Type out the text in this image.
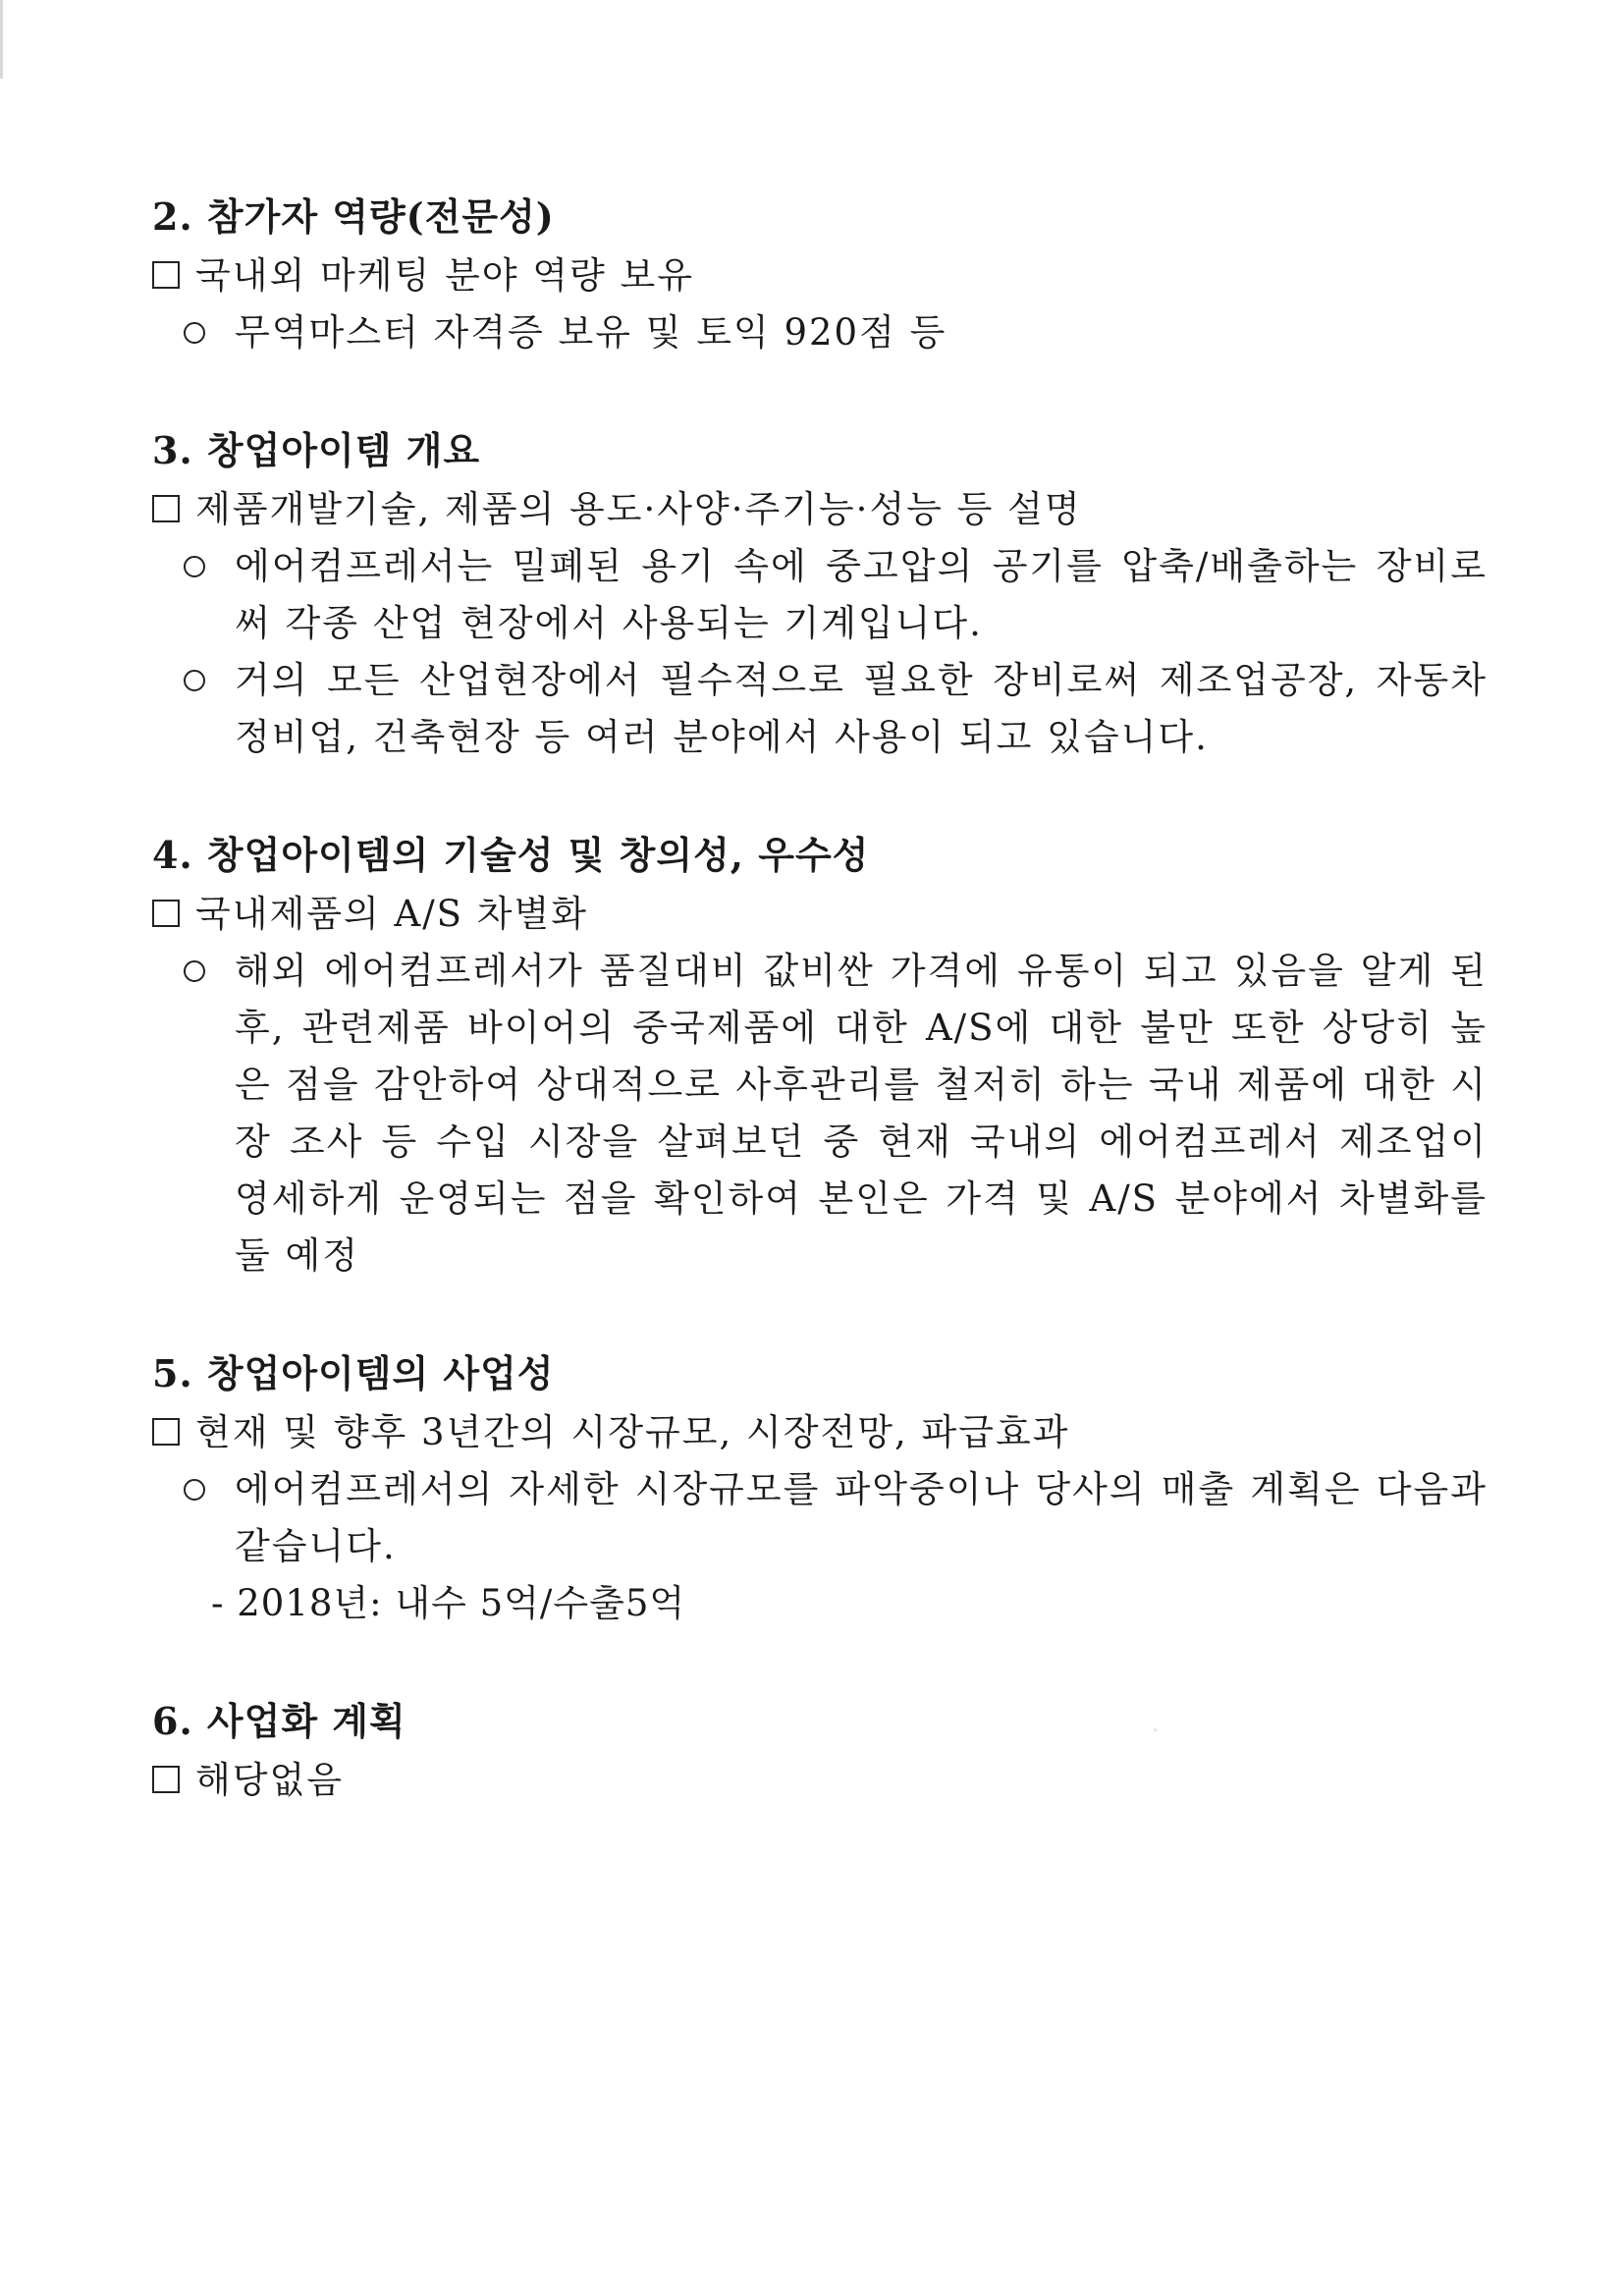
2. 참가자 역량(전문성)
국내외 마케팅 분야 역량 보유
무역마스터 자격증 보유 및 토익 920점 등
3. 창업아이템 개요
제품개발기술, 제품의 용도·사양·주기능·성능 등 설명
에어컴프레서는 밀폐된 용기 속에 중고압의 공기를 압축/배출하는 장비로써 각종 산업 현장에서 사용되는 기계입니다.
거의 모든 산업현장에서 필수적으로 필요한 장비로써 제조업공장, 자동차정비업, 건축현장 등 여러 분야에서 사용이 되고 있습니다.
4. 창업아이템의 기술성 및 창의성, 우수성
국내제품의 A/S 차별화
해외 에어컴프레서가 품질대비 값비싼 가격에 유통이 되고 있음을 알게 된 후, 관련제품 바이어의 중국제품에 대한 A/S에 대한 불만 또한 상당히 높은 점을 감안하여 상대적으로 사후관리를 철저히 하는 국내 제품에 대한 시장 조사 등 수입 시장을 살펴보던 중 현재 국내의 에어컴프레서 제조업이 영세하게 운영되는 점을 확인하여 본인은 가격 및 A/S 분야에서 차별화를 둘 예정
5. 창업아이템의 사업성
현재 및 향후 3년간의 시장규모, 시장전망, 파급효과
에어컴프레서의 자세한 시장규모를 파악중이나 당사의 매출 계획은 다음과 같습니다.
- 2018년: 내수 5억/수출5억
6. 사업화 계획
해당없음
